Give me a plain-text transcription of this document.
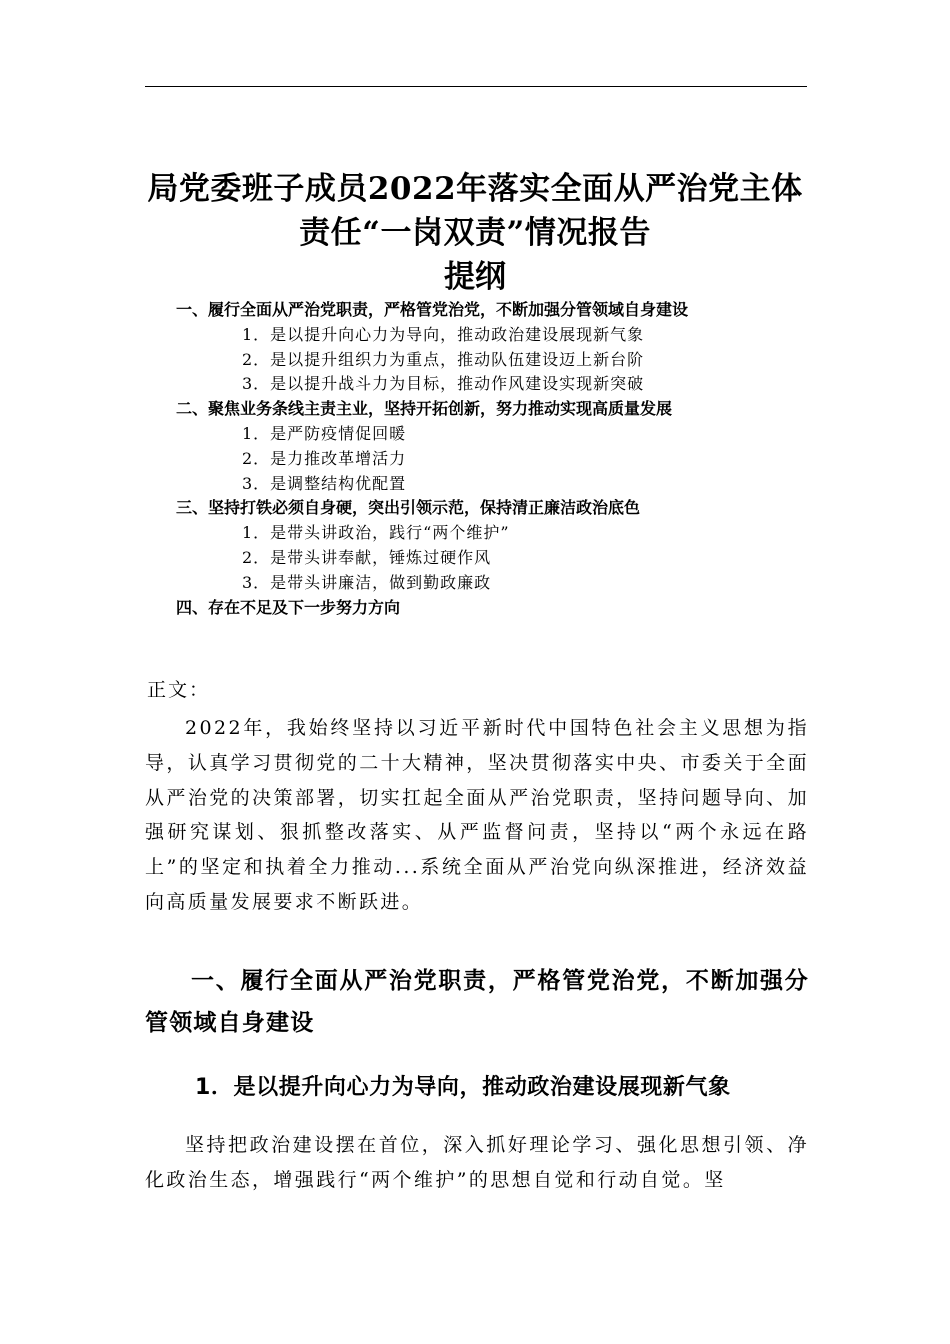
局党委班子成员2022年落实全面从严治党主体
责任“一岗双责”情况报告
提纲
一、履行全面从严治党职责，严格管党治党，不断加强分管领域自身建设
1．是以提升向心力为导向，推动政治建设展现新气象
2．是以提升组织力为重点，推动队伍建设迈上新台阶
3．是以提升战斗力为目标，推动作风建设实现新突破
二、聚焦业务条线主责主业，坚持开拓创新，努力推动实现高质量发展
1．是严防疫情促回暖
2．是力推改革增活力
3．是调整结构优配置
三、坚持打铁必须自身硬，突出引领示范，保持清正廉洁政治底色
1．是带头讲政治，践行“两个维护”
2．是带头讲奉献，锤炼过硬作风
3．是带头讲廉洁，做到勤政廉政
四、存在不足及下一步努力方向
正文：

2022年，我始终坚持以习近平新时代中国特色社会主义思想为指导，认真学习贯彻党的二十大精神，坚决贯彻落实中央、市委关于全面从严治党的决策部署，切实扛起全面从严治党职责，坚持问题导向、加强研究谋划、狠抓整改落实、从严监督问责，坚持以“两个永远在路上”的坚定和执着全力推动...系统全面从严治党向纵深推进，经济效益向高质量发展要求不断跃进。

一、履行全面从严治党职责，严格管党治党，不断加强分管领域自身建设
1．是以提升向心力为导向，推动政治建设展现新气象

坚持把政治建设摆在首位，深入抓好理论学习、强化思想引领、净化政治生态，增强践行“两个维护”的思想自觉和行动自觉。坚
